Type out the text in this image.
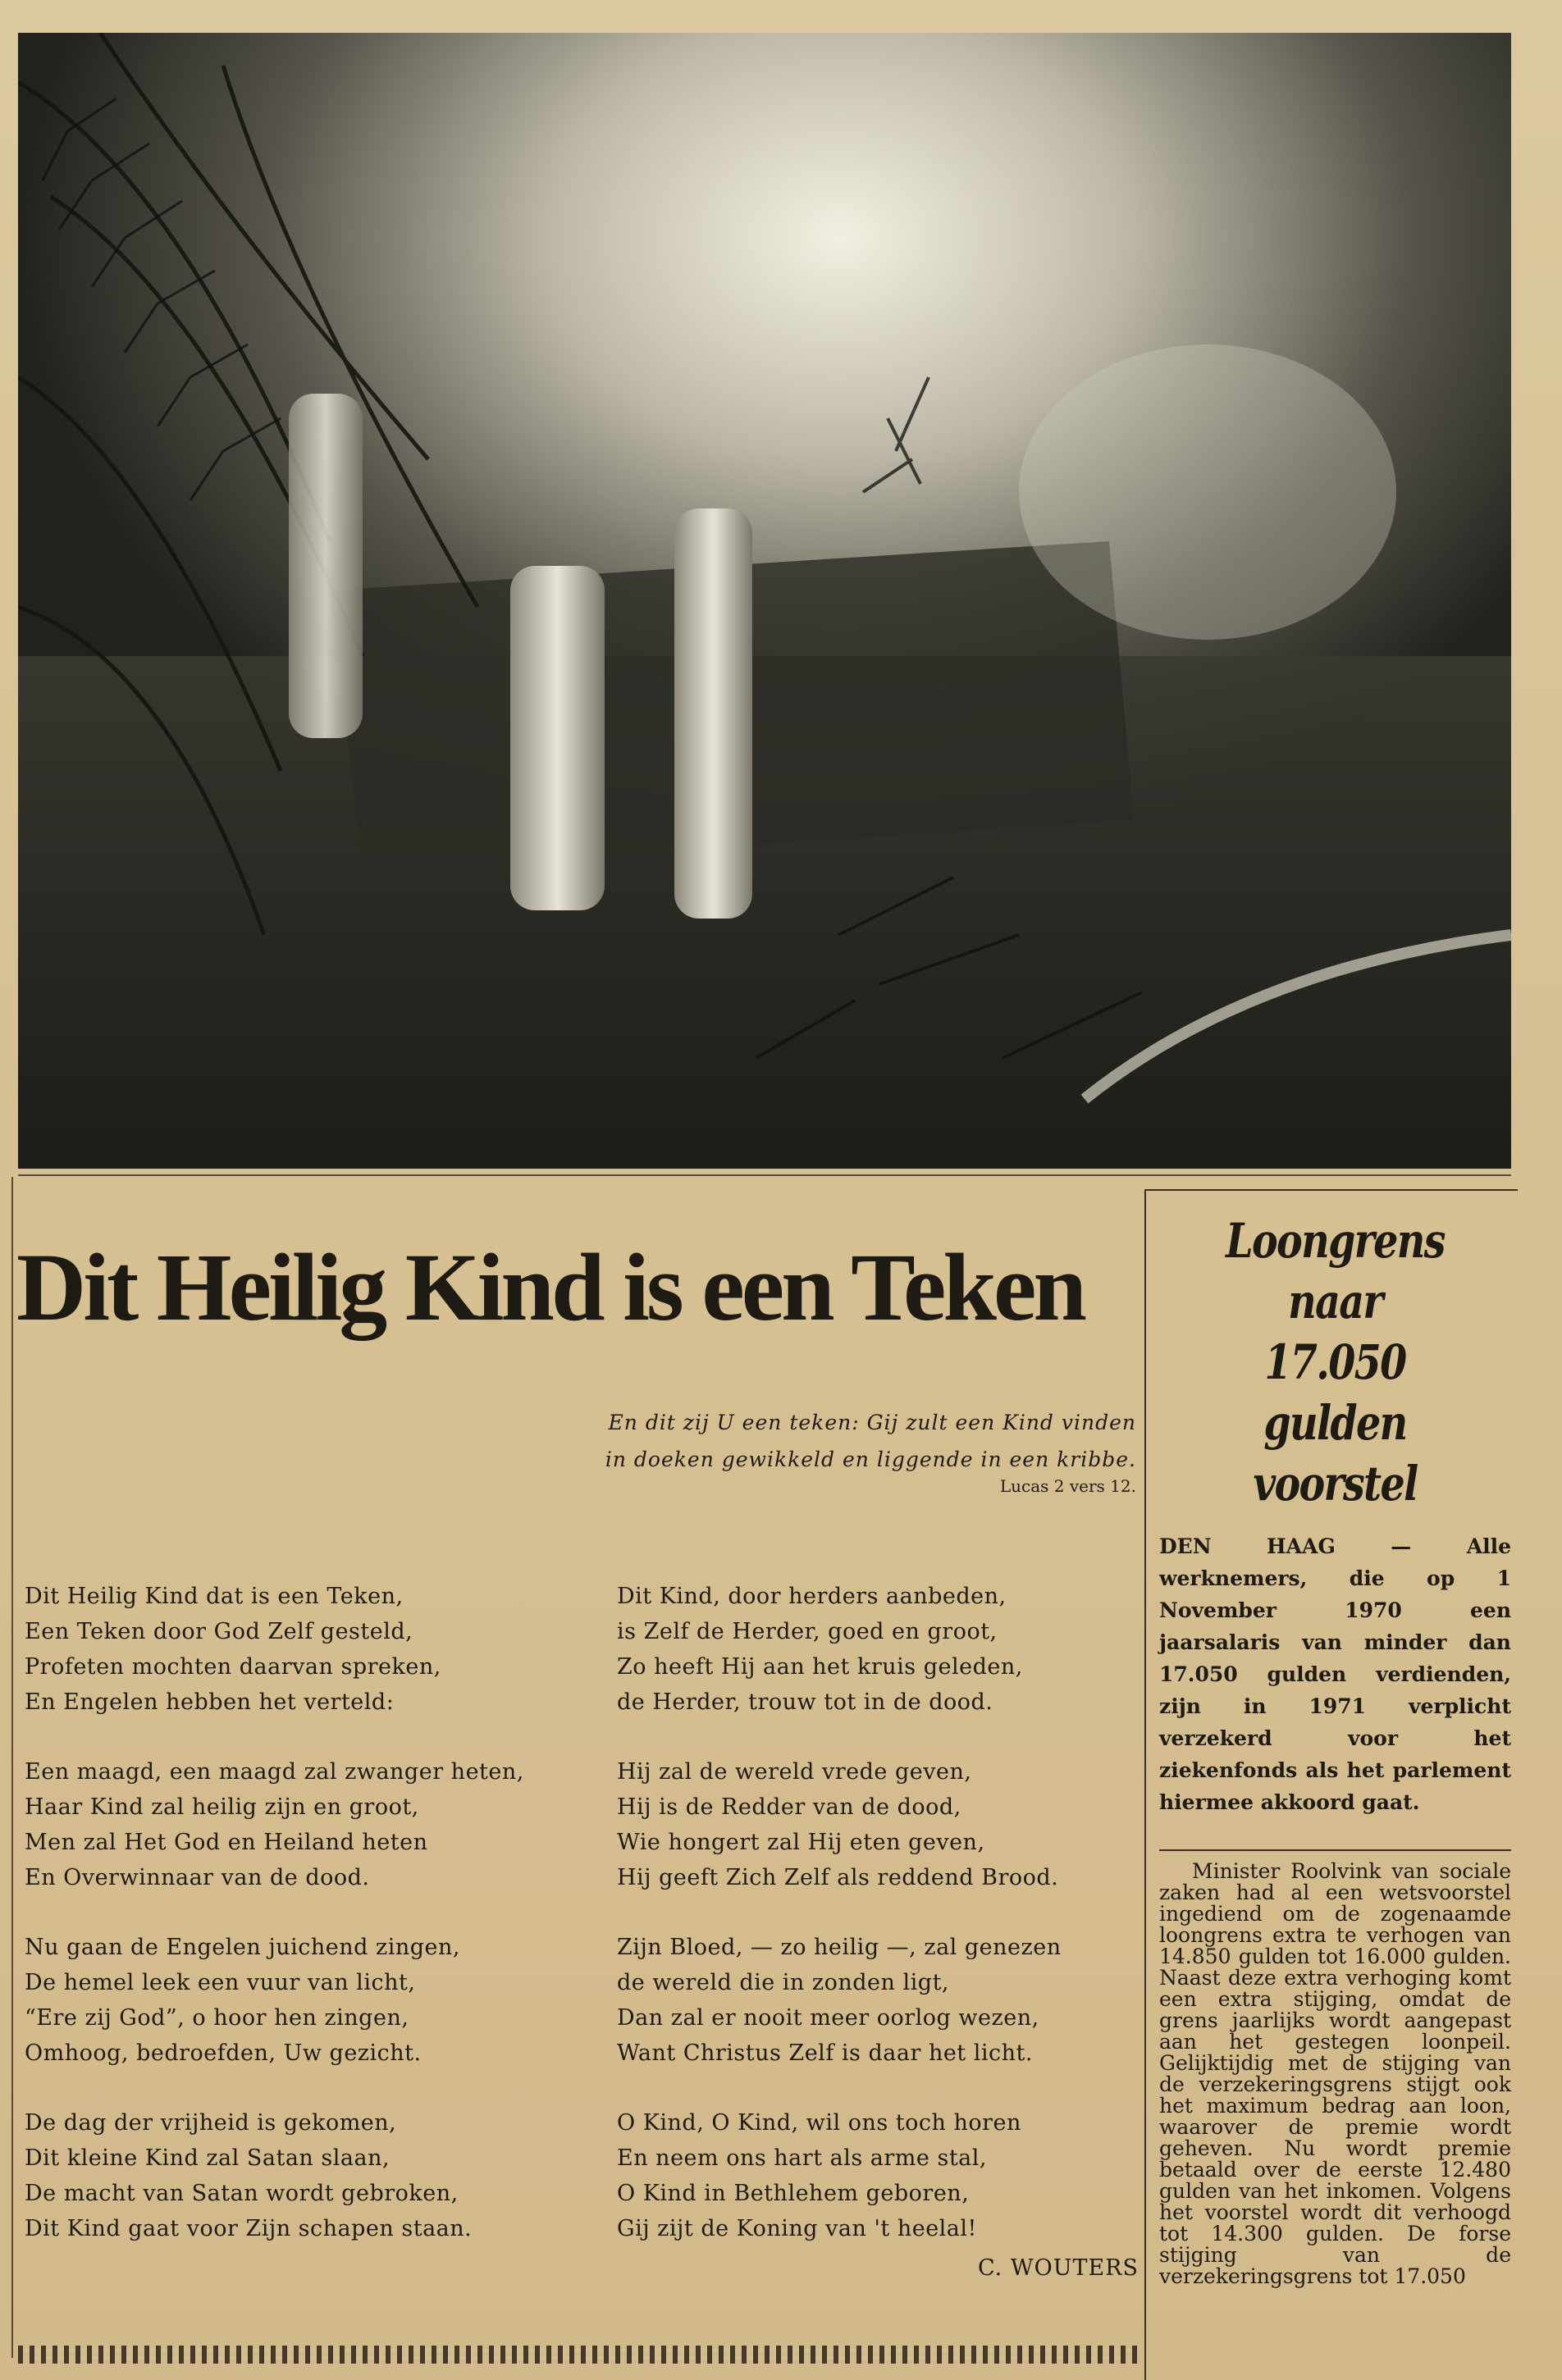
Dit Heilig Kind is een Teken
En dit zij U een teken: Gij zult een Kind vinden
in doeken gewikkeld en liggende in een kribbe.
Lucas 2 vers 12.
Dit Heilig Kind dat is een Teken,
Een Teken door God Zelf gesteld,
Profeten mochten daarvan spreken,
En Engelen hebben het verteld:
Een maagd, een maagd zal zwanger heten,
Haar Kind zal heilig zijn en groot,
Men zal Het God en Heiland heten
En Overwinnaar van de dood.
Nu gaan de Engelen juichend zingen,
De hemel leek een vuur van licht,
“Ere zij God”, o hoor hen zingen,
Omhoog, bedroefden, Uw gezicht.
De dag der vrijheid is gekomen,
Dit kleine Kind zal Satan slaan,
De macht van Satan wordt gebroken,
Dit Kind gaat voor Zijn schapen staan.
Dit Kind, door herders aanbeden,
is Zelf de Herder, goed en groot,
Zo heeft Hij aan het kruis geleden,
de Herder, trouw tot in de dood.
Hij zal de wereld vrede geven,
Hij is de Redder van de dood,
Wie hongert zal Hij eten geven,
Hij geeft Zich Zelf als reddend Brood.
Zijn Bloed, — zo heilig —, zal genezen
de wereld die in zonden ligt,
Dan zal er nooit meer oorlog wezen,
Want Christus Zelf is daar het licht.
O Kind, O Kind, wil ons toch horen
En neem ons hart als arme stal,
O Kind in Bethlehem geboren,
Gij zijt de Koning van 't heelal!
C. WOUTERS
Loongrens naar
17.050 gulden
voorstel

DEN HAAG — Alle werknemers, die op 1 November 1970 een jaarsalaris van minder dan 17.050 gulden verdienden, zijn in 1971 verplicht verzekerd voor het ziekenfonds als het parlement hiermee akkoord gaat.

Minister Roolvink van sociale zaken had al een wetsvoorstel ingediend om de zogenaamde loongrens extra te verhogen van 14.850 gulden tot 16.000 gulden. Naast deze extra verhoging komt een extra stijging, omdat de grens jaarlijks wordt aangepast aan het gestegen loonpeil. Gelijktijdig met de stijging van de verzekeringsgrens stijgt ook het maximum bedrag aan loon, waarover de premie wordt geheven. Nu wordt premie betaald over de eerste 12.480 gulden van het inkomen. Volgens het voorstel wordt dit verhoogd tot 14.300 gulden. De forse stijging van de verzekeringsgrens tot 17.050
